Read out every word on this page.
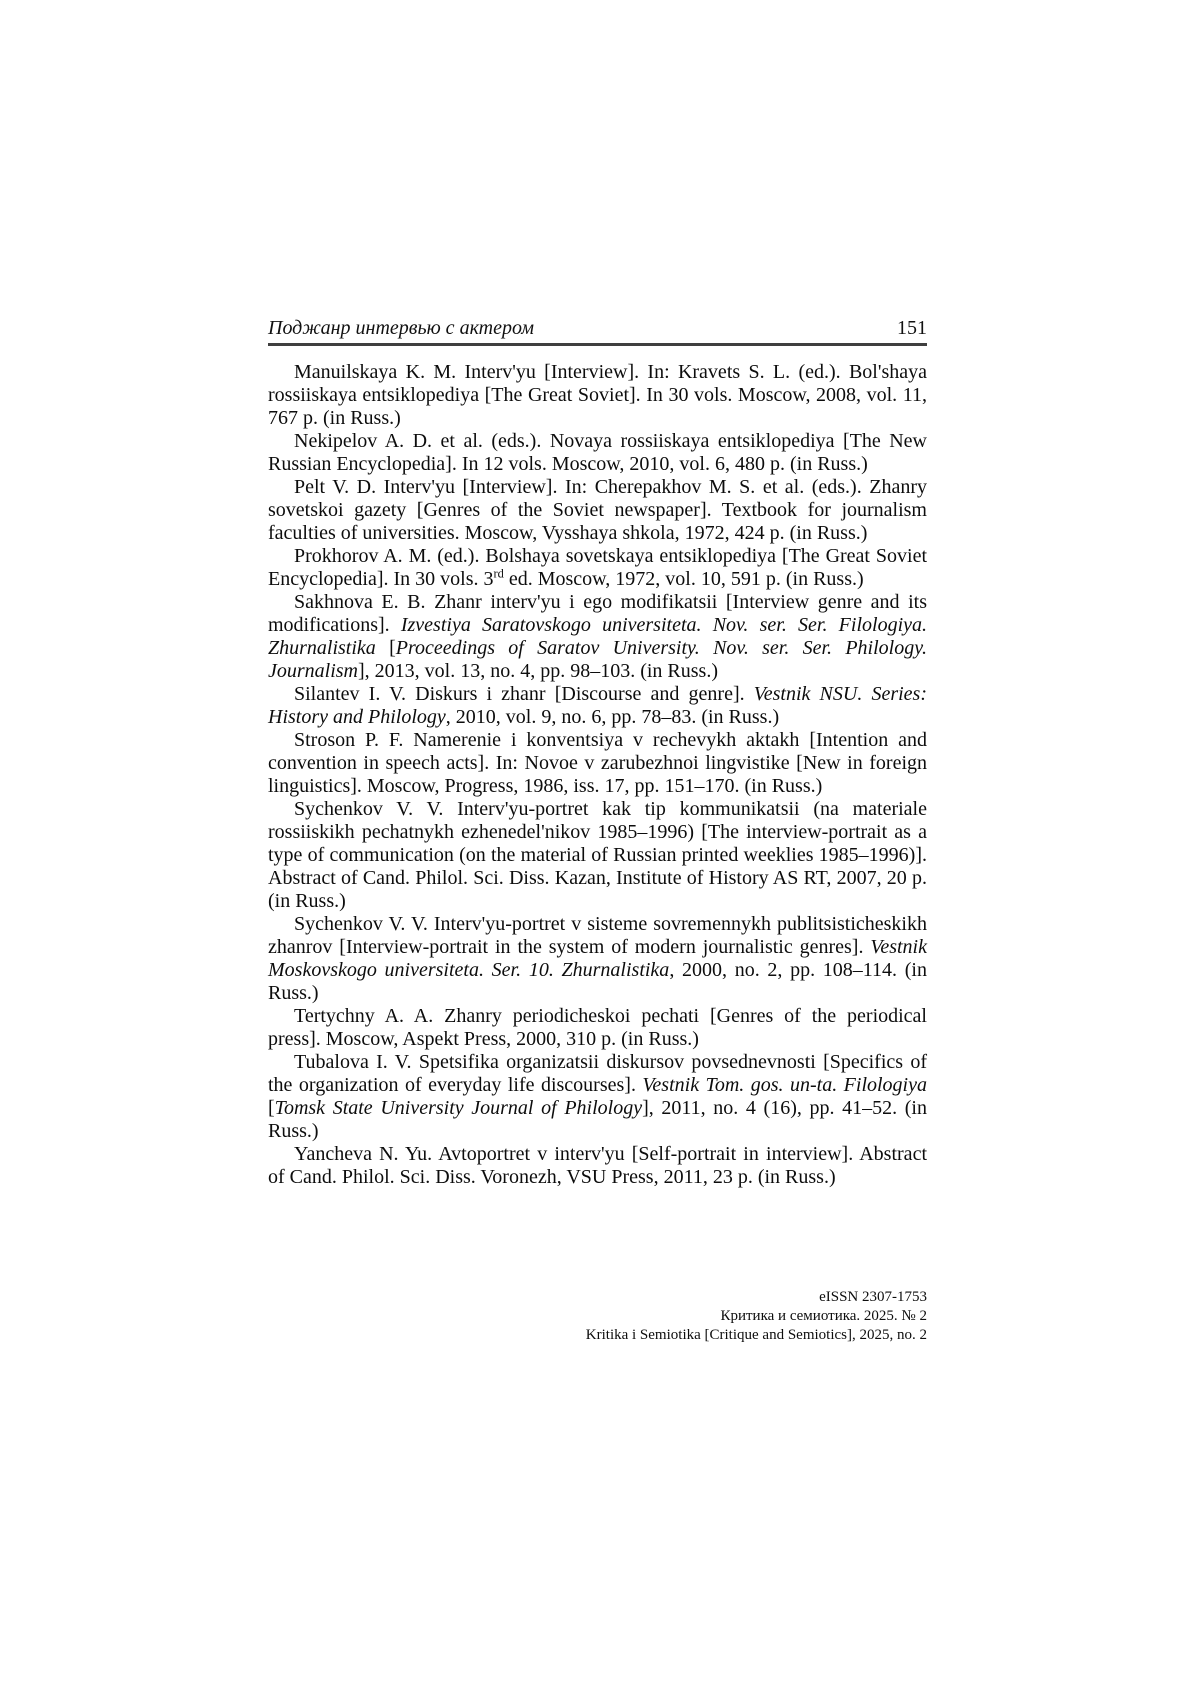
Поджанр интервью с актером	151

Manuilskaya K. M. Interv'yu [Interview]. In: Kravets S. L. (ed.). Bol'shaya rossiiskaya entsiklopediya [The Great Soviet]. In 30 vols. Moscow, 2008, vol. 11, 767 p. (in Russ.)

Nekipelov A. D. et al. (eds.). Novaya rossiiskaya entsiklopediya [The New Russian Encyclopedia]. In 12 vols. Moscow, 2010, vol. 6, 480 p. (in Russ.)

Pelt V. D. Interv'yu [Interview]. In: Cherepakhov M. S. et al. (eds.). Zhanry sovetskoi gazety [Genres of the Soviet newspaper]. Textbook for journalism faculties of universities. Moscow, Vysshaya shkola, 1972, 424 p. (in Russ.)

Prokhorov A. M. (ed.). Bolshaya sovetskaya entsiklopediya [The Great Soviet Encyclopedia]. In 30 vols. 3rd ed. Moscow, 1972, vol. 10, 591 p. (in Russ.)

Sakhnova E. B. Zhanr interv'yu i ego modifikatsii [Interview genre and its modifications]. Izvestiya Saratovskogo universiteta. Nov. ser. Ser. Filologiya. Zhurnalistika [Proceedings of Saratov University. Nov. ser. Ser. Philology. Journalism], 2013, vol. 13, no. 4, pp. 98–103. (in Russ.)

Silantev I. V. Diskurs i zhanr [Discourse and genre]. Vestnik NSU. Series: History and Philology, 2010, vol. 9, no. 6, pp. 78–83. (in Russ.)

Stroson P. F. Namerenie i konventsiya v rechevykh aktakh [Intention and convention in speech acts]. In: Novoe v zarubezhnoi lingvistike [New in foreign linguistics]. Moscow, Progress, 1986, iss. 17, pp. 151–170. (in Russ.)

Sychenkov V. V. Interv'yu-portret kak tip kommunikatsii (na materiale rossiiskikh pechatnykh ezhenedel'nikov 1985–1996) [The interview-portrait as a type of communication (on the material of Russian printed weeklies 1985–1996)]. Abstract of Cand. Philol. Sci. Diss. Kazan, Institute of History AS RT, 2007, 20 p. (in Russ.)

Sychenkov V. V. Interv'yu-portret v sisteme sovremennykh publitsisticheskikh zhanrov [Interview-portrait in the system of modern journalistic genres]. Vestnik Moskovskogo universiteta. Ser. 10. Zhurnalistika, 2000, no. 2, pp. 108–114. (in Russ.)

Tertychny A. A. Zhanry periodicheskoi pechati [Genres of the periodical press]. Moscow, Aspekt Press, 2000, 310 p. (in Russ.)

Tubalova I. V. Spetsifika organizatsii diskursov povsednevnosti [Specifics of the organization of everyday life discourses]. Vestnik Tom. gos. un-ta. Filologiya [Tomsk State University Journal of Philology], 2011, no. 4 (16), pp. 41–52. (in Russ.)

Yancheva N. Yu. Avtoportret v interv'yu [Self-portrait in interview]. Abstract of Cand. Philol. Sci. Diss. Voronezh, VSU Press, 2011, 23 p. (in Russ.)

eISSN 2307-1753
Критика и семиотика. 2025. № 2
Kritika i Semiotika [Critique and Semiotics], 2025, no. 2
